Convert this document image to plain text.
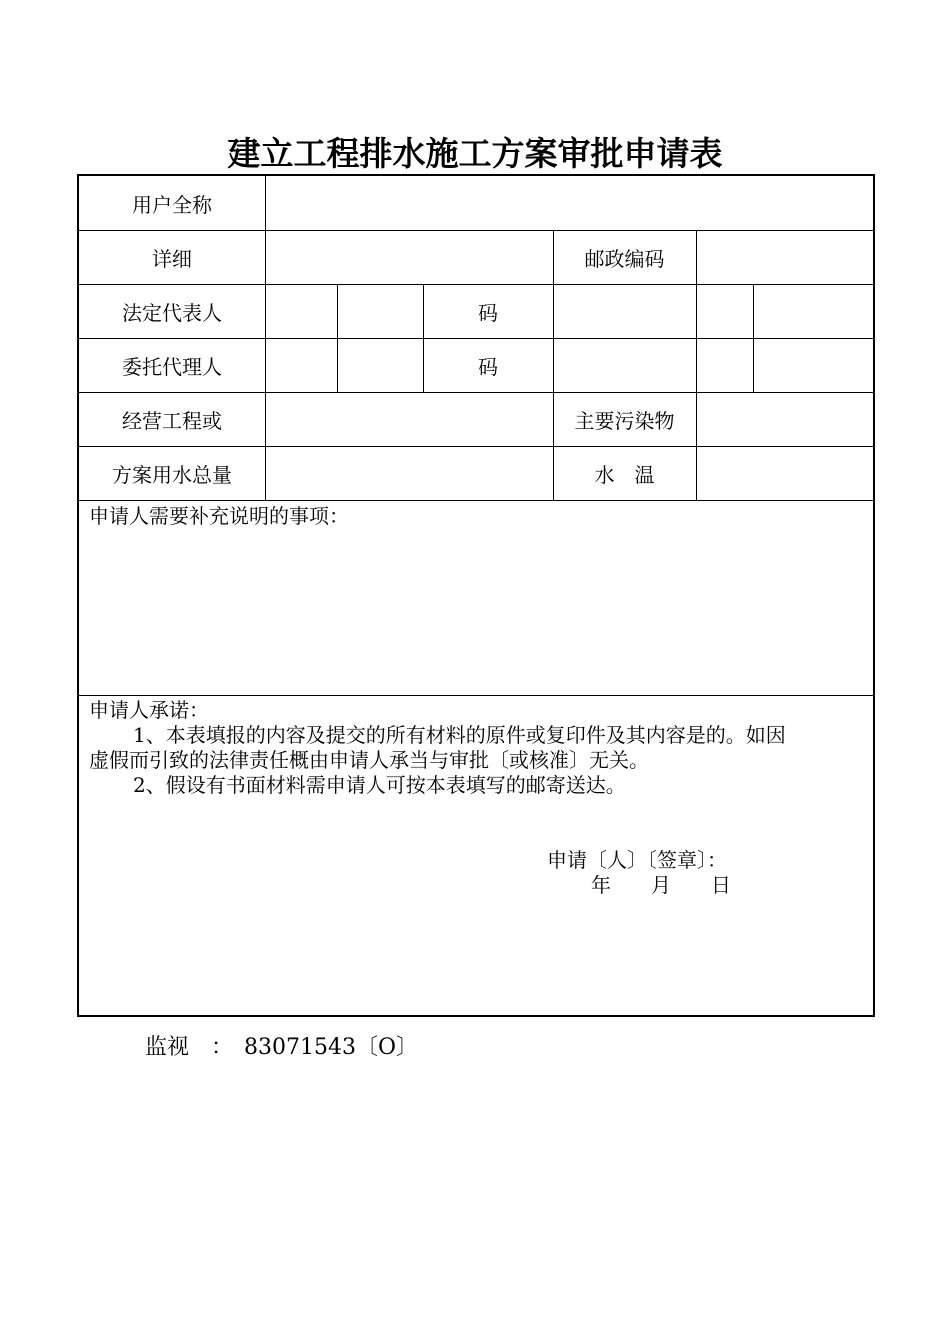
建立工程排水施工方案审批申请表
用户全称
详细	邮政编码
法定代表人	码
委托代理人	码
经营工程或	主要污染物
方案用水总量	水　温
申请人需要补充说明的事项：
申请人承诺：
1、本表填报的内容及提交的所有材料的原件或复印件及其内容是的。如因
虚假而引致的法律责任概由申请人承当与审批〔或核准〕无关。
2、假设有书面材料需申请人可按本表填写的邮寄送达。
申请〔人〕〔签章〕：
年　　月　　日
监视　：　83071543〔O〕
